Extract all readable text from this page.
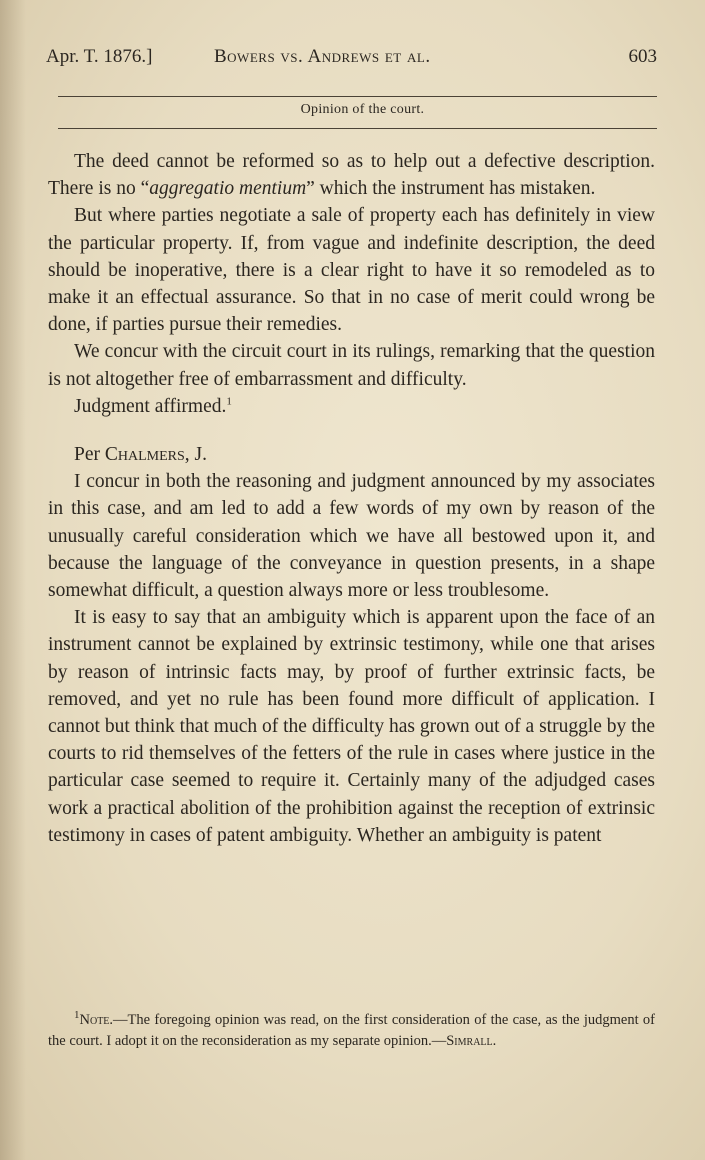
Apr. T. 1876.]	Bowers vs. Andrews et al.	603
Opinion of the court.

The deed cannot be reformed so as to help out a defective description. There is no “aggregatio mentium” which the instrument has mistaken.

But where parties negotiate a sale of property each has definitely in view the particular property. If, from vague and indefinite description, the deed should be inoperative, there is a clear right to have it so remodeled as to make it an effectual assurance. So that in no case of merit could wrong be done, if parties pursue their remedies.

We concur with the circuit court in its rulings, remarking that the question is not altogether free of embarrassment and difficulty.

Judgment affirmed.$^1$

Per Chalmers, J.

I concur in both the reasoning and judgment announced by my associates in this case, and am led to add a few words of my own by reason of the unusually careful consideration which we have all bestowed upon it, and because the language of the conveyance in question presents, in a shape somewhat difficult, a question always more or less troublesome.

It is easy to say that an ambiguity which is apparent upon the face of an instrument cannot be explained by extrinsic testimony, while one that arises by reason of intrinsic facts may, by proof of further extrinsic facts, be removed, and yet no rule has been found more difficult of application. I cannot but think that much of the difficulty has grown out of a struggle by the courts to rid themselves of the fetters of the rule in cases where justice in the particular case seemed to require it. Certainly many of the adjudged cases work a practical abolition of the prohibition against the reception of extrinsic testimony in cases of patent ambiguity. Whether an ambiguity is patent

$^1$Note.—The foregoing opinion was read, on the first consideration of the case, as the judgment of the court. I adopt it on the reconsideration as my separate opinion.—Simrall.
